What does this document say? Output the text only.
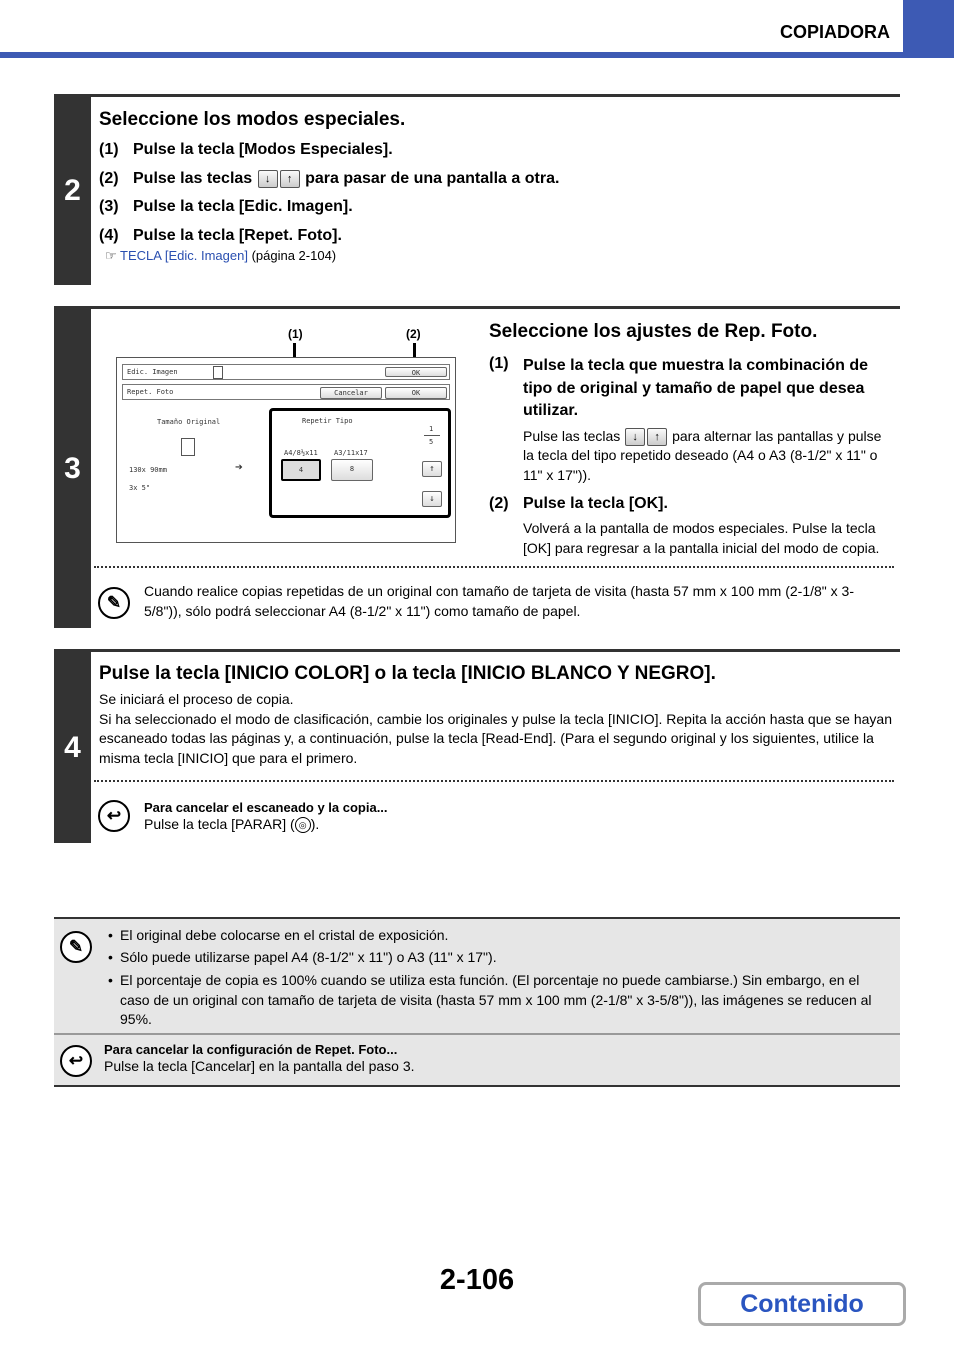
COPIADORA
2
Seleccione los modos especiales.
(1) Pulse la tecla [Modos Especiales].
(2) Pulse las teclas ↓ ↑ para pasar de una pantalla a otra.
(3) Pulse la tecla [Edic. Imagen].
(4) Pulse la tecla [Repet. Foto].
☞ TECLA [Edic. Imagen] (página 2-104)
3
(1)	(2)
Edic. Imagen	OK
Repet. Foto	Cancelar	OK
Tamaño Original
130x 90mm
3x 5"
➔
Repetir Tipo
1
5
A4/8½x11 A3/11x17
4	8	↑
↓
Seleccione los ajustes de Rep. Foto.
(1) Pulse la tecla que muestra la combinación de tipo de original y tamaño de papel que desea utilizar.
Pulse las teclas ↓ ↑ para alternar las pantallas y pulse la tecla del tipo repetido deseado (A4 o A3 (8-1/2" x 11" o 11" x 17")).
(2) Pulse la tecla [OK].
Volverá a la pantalla de modos especiales. Pulse la tecla [OK] para regresar a la pantalla inicial del modo de copia.
✎
Cuando realice copias repetidas de un original con tamaño de tarjeta de visita (hasta 57 mm x 100 mm (2-1/8" x 3-5/8")), sólo podrá seleccionar A4 (8-1/2" x 11") como tamaño de papel.
4
Pulse la tecla [INICIO COLOR] o la tecla [INICIO BLANCO Y NEGRO].
Se iniciará el proceso de copia.
Si ha seleccionado el modo de clasificación, cambie los originales y pulse la tecla [INICIO]. Repita la acción hasta que se hayan escaneado todas las páginas y, a continuación, pulse la tecla [Read-End]. (Para el segundo original y los siguientes, utilice la misma tecla [INICIO] que para el primero.
↩	Para cancelar el escaneado y la copia...
Pulse la tecla [PARAR] ( ◎ ).
✎
• El original debe colocarse en el cristal de exposición.
• Sólo puede utilizarse papel A4 (8-1/2" x 11") o A3 (11" x 17").
• El porcentaje de copia es 100% cuando se utiliza esta función. (El porcentaje no puede cambiarse.) Sin embargo, en el caso de un original con tamaño de tarjeta de visita (hasta 57 mm x 100 mm (2-1/8" x 3-5/8")), las imágenes se reducen al 95%.
↩
Para cancelar la configuración de Repet. Foto...
Pulse la tecla [Cancelar] en la pantalla del paso 3.
2-106
Contenido
